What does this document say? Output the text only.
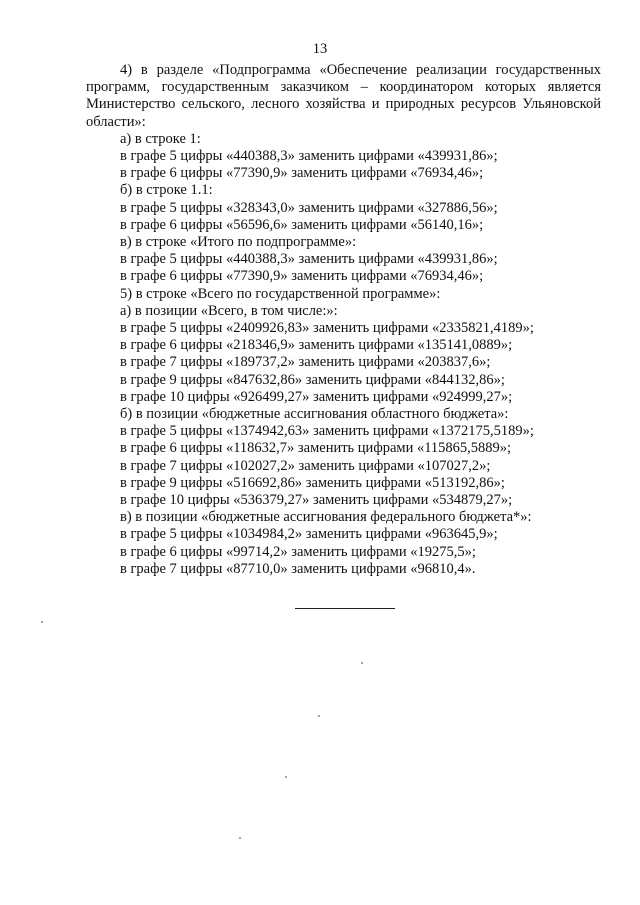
13

4) в разделе «Подпрограмма «Обеспечение реализации государственных программ, государственным заказчиком – координатором которых является Министерство сельского, лесного хозяйства и природных ресурсов Ульяновской области»:

а) в строке 1:

в графе 5 цифры «440388,3» заменить цифрами «439931,86»;

в графе 6 цифры «77390,9» заменить цифрами «76934,46»;

б) в строке 1.1:

в графе 5 цифры «328343,0» заменить цифрами «327886,56»;

в графе 6 цифры «56596,6» заменить цифрами «56140,16»;

в) в строке «Итого по подпрограмме»:

в графе 5 цифры «440388,3» заменить цифрами «439931,86»;

в графе 6 цифры «77390,9» заменить цифрами «76934,46»;

5) в строке «Всего по государственной программе»:

а) в позиции «Всего, в том числе:»:

в графе 5 цифры «2409926,83» заменить цифрами «2335821,4189»;

в графе 6 цифры «218346,9» заменить цифрами «135141,0889»;

в графе 7 цифры «189737,2» заменить цифрами «203837,6»;

в графе 9 цифры «847632,86» заменить цифрами «844132,86»;

в графе 10 цифры «926499,27» заменить цифрами «924999,27»;

б) в позиции «бюджетные ассигнования областного бюджета»:

в графе 5 цифры «1374942,63» заменить цифрами «1372175,5189»;

в графе 6 цифры «118632,7» заменить цифрами «115865,5889»;

в графе 7 цифры «102027,2» заменить цифрами «107027,2»;

в графе 9 цифры «516692,86» заменить цифрами «513192,86»;

в графе 10 цифры «536379,27» заменить цифрами «534879,27»;

в) в позиции «бюджетные ассигнования федерального бюджета*»:

в графе 5 цифры «1034984,2» заменить цифрами «963645,9»;

в графе 6 цифры «99714,2» заменить цифрами «19275,5»;

в графе 7 цифры «87710,0» заменить цифрами «96810,4».
